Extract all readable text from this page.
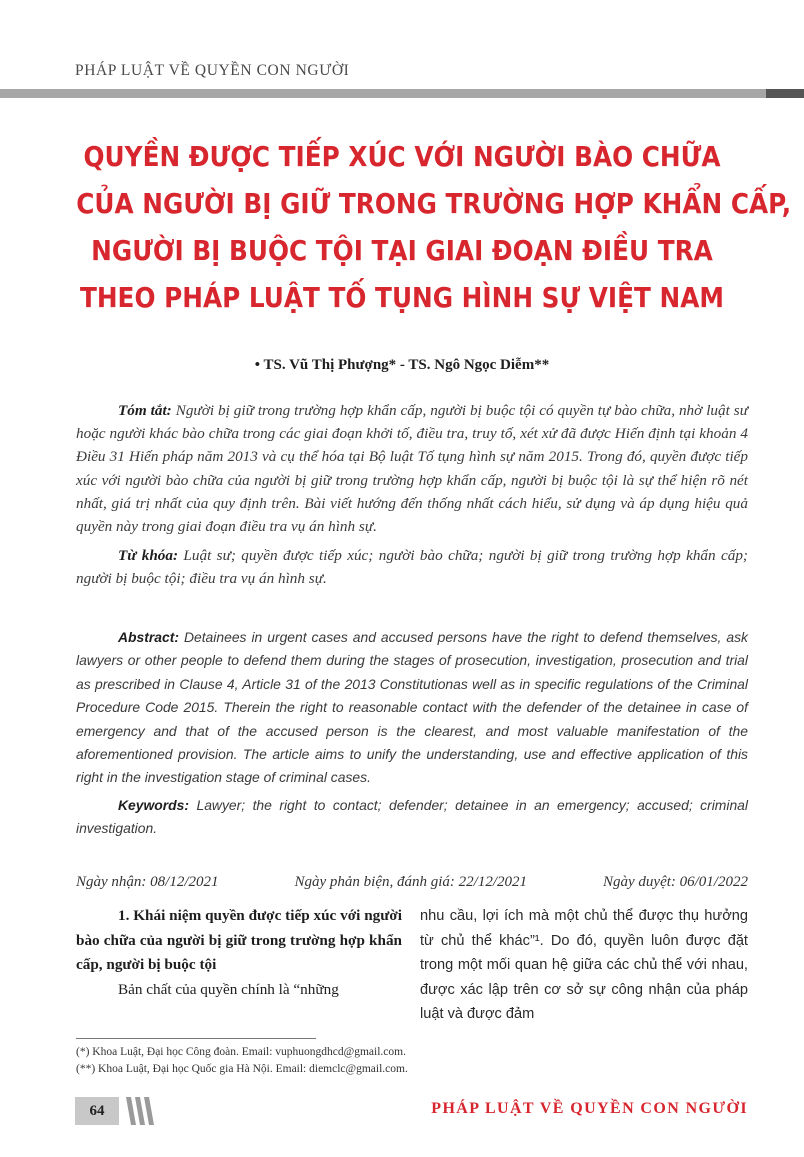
PHÁP LUẬT VỀ QUYỀN CON NGƯỜI
QUYỀN ĐƯỢC TIẾP XÚC VỚI NGƯỜI BÀO CHỮA
CỦA NGƯỜI BỊ GIỮ TRONG TRƯỜNG HỢP KHẨN CẤP,
NGƯỜI BỊ BUỘC TỘI TẠI GIAI ĐOẠN ĐIỀU TRA
THEO PHÁP LUẬT TỐ TỤNG HÌNH SỰ VIỆT NAM
• TS. Vũ Thị Phượng* - TS. Ngô Ngọc Diễm**

Tóm tắt: Người bị giữ trong trường hợp khẩn cấp, người bị buộc tội có quyền tự bào chữa, nhờ luật sư hoặc người khác bào chữa trong các giai đoạn khởi tố, điều tra, truy tố, xét xử đã được Hiến định tại khoản 4 Điều 31 Hiến pháp năm 2013 và cụ thể hóa tại Bộ luật Tố tụng hình sự năm 2015. Trong đó, quyền được tiếp xúc với người bào chữa của người bị giữ trong trường hợp khẩn cấp, người bị buộc tội là sự thể hiện rõ nét nhất, giá trị nhất của quy định trên. Bài viết hướng đến thống nhất cách hiểu, sử dụng và áp dụng hiệu quả quyền này trong giai đoạn điều tra vụ án hình sự.

Từ khóa: Luật sư; quyền được tiếp xúc; người bào chữa; người bị giữ trong trường hợp khẩn cấp; người bị buộc tội; điều tra vụ án hình sự.

Abstract: Detainees in urgent cases and accused persons have the right to defend themselves, ask lawyers or other people to defend them during the stages of prosecution, investigation, prosecution and trial as prescribed in Clause 4, Article 31 of the 2013 Constitutionas well as in specific regulations of the Criminal Procedure Code 2015. Therein the right to reasonable contact with the defender of the detainee in case of emergency and that of the accused person is the clearest, and most valuable manifestation of the aforementioned provision. The article aims to unify the understanding, use and effective application of this right in the investigation stage of criminal cases.

Keywords: Lawyer; the right to contact; defender; detainee in an emergency; accused; criminal investigation.

Ngày nhận: 08/12/2021	Ngày phản biện, đánh giá: 22/12/2021	Ngày duyệt: 06/01/2022

1. Khái niệm quyền được tiếp xúc với người bào chữa của người bị giữ trong trường hợp khẩn cấp, người bị buộc tội

Bản chất của quyền chính là “những

nhu cầu, lợi ích mà một chủ thể được thụ hưởng từ chủ thể khác”¹. Do đó, quyền luôn được đặt trong một mối quan hệ giữa các chủ thể với nhau, được xác lập trên cơ sở sự công nhận của pháp luật và được đảm

(*) Khoa Luật, Đại học Công đoàn. Email: vuphuongdhcd@gmail.com.
(**) Khoa Luật, Đại học Quốc gia Hà Nội. Email: diemclc@gmail.com.
64	PHÁP LUẬT VỀ QUYỀN CON NGƯỜI
